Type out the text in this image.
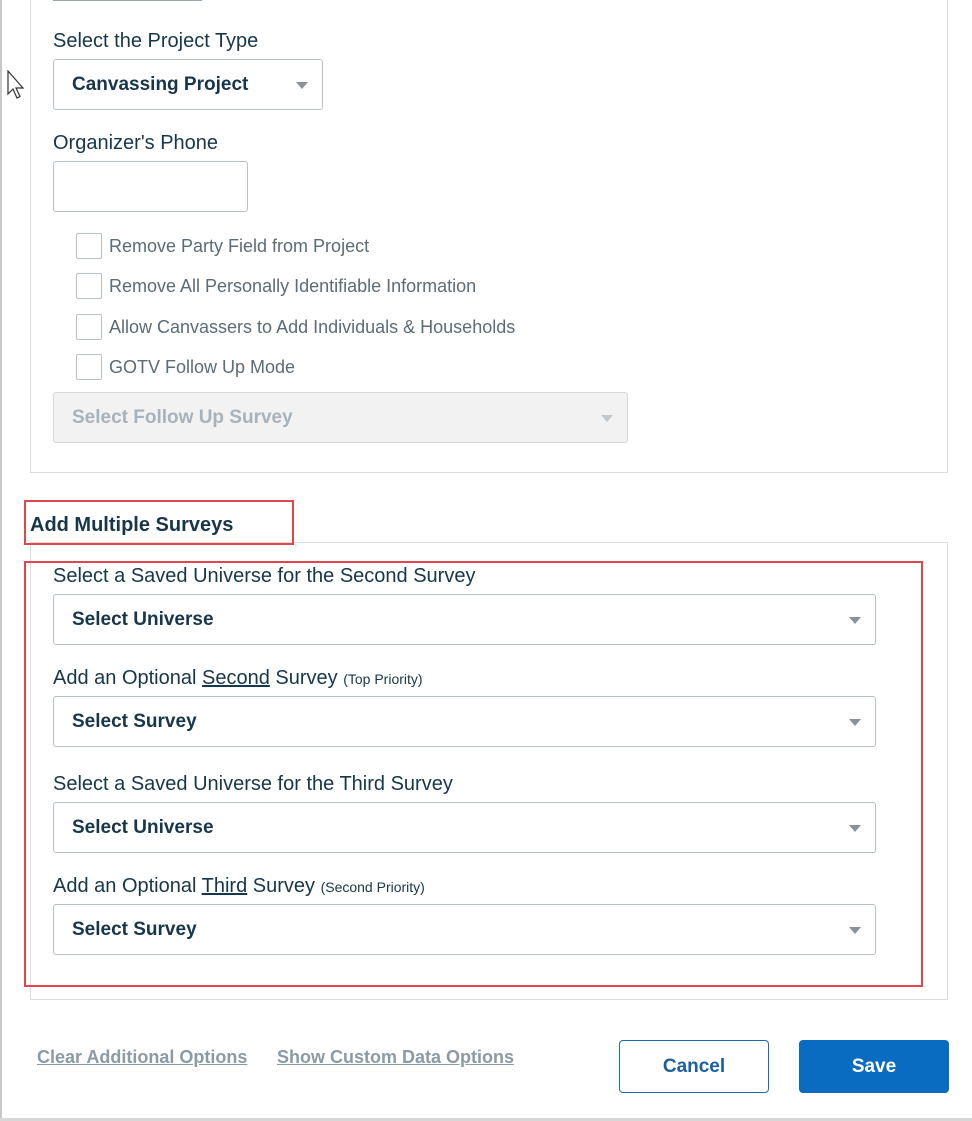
Select the Project Type
Canvassing Project
Organizer's Phone
Remove Party Field from Project
Remove All Personally Identifiable Information
Allow Canvassers to Add Individuals & Households
GOTV Follow Up Mode
Select Follow Up Survey
Add Multiple Surveys
Select a Saved Universe for the Second Survey
Select Universe
Add an Optional Second Survey (Top Priority)
Select Survey
Select a Saved Universe for the Third Survey
Select Universe
Add an Optional Third Survey (Second Priority)
Select Survey
Clear Additional Options Show Custom Data Options	Cancel	Save
